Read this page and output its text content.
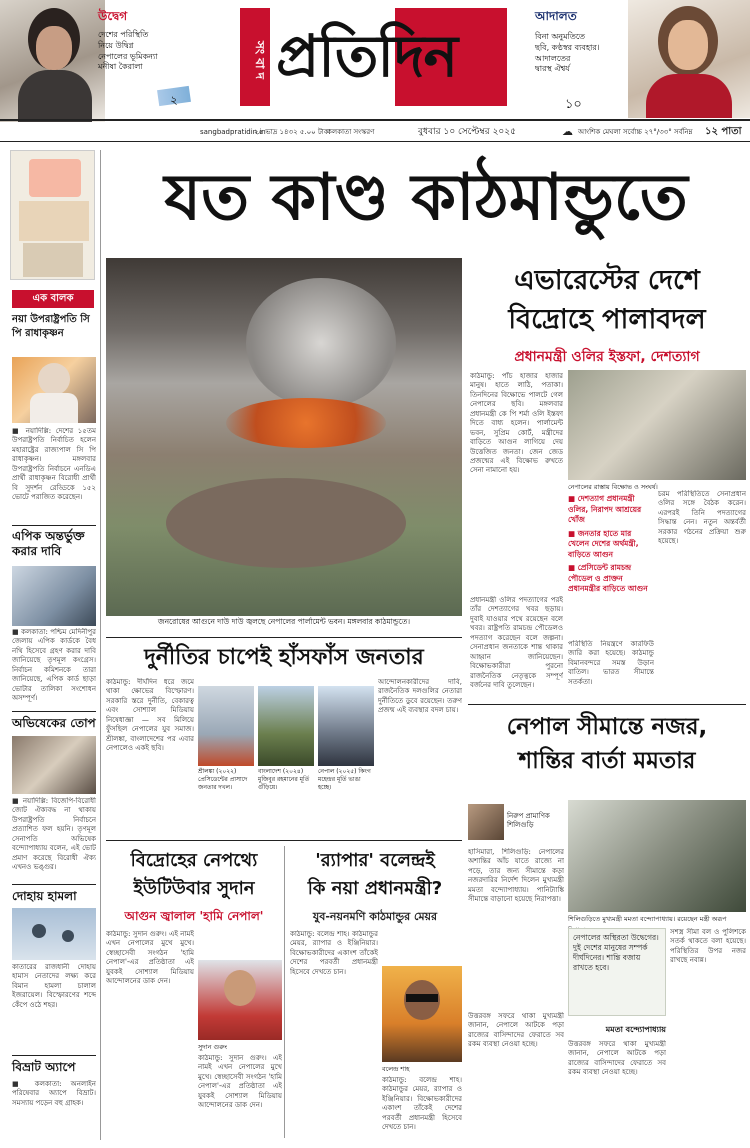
উদ্বেগ
দেশের পরিস্থিতি
নিয়ে উদ্বিগ্ন
নেপালের ভূমিকন্যা
মনীষা কৈরালা
২
সং বা দ প্রতিদিন
আদালত
বিনা অনুমতিতে
ছবি, কণ্ঠস্বর ব্যবহার।
আদালতের
দ্বারস্থ ঐশ্বর্য
১০
sangbadpratidin.in
২৫ ভাদ্র ১৪৩২ ৫.০০ টাকা
কলকাতা সংস্করণ	বুধবার ১০ সেপ্টেম্বর ২০২৫	☁ আংশিক মেঘলা সর্বোচ্চ ২৭°/৩৩° সর্বনিম্ন ১২ পাতা
এক বালক
নয়া উপরাষ্ট্রপতি সি পি রাধাকৃষ্ণন
■ নয়াদিল্লি: দেশের ১৫তম উপরাষ্ট্রপতি নির্বাচিত হলেন মহারাষ্ট্রের রাজ্যপাল সি পি রাধাকৃষ্ণন। মঙ্গলবার উপরাষ্ট্রপতি নির্বাচনে এনডিএ প্রার্থী রাধাকৃষ্ণন বিরোধী প্রার্থী বি সুদর্শন রেড্ডিকে ১৫২ ভোটে পরাজিত করেছেন।
এপিক অন্তর্ভুক্ত করার দাবি
■ কলকাতা: পশ্চিম মেদিনীপুর জেলায় এপিক কার্ডকে বৈধ নথি হিসেবে গ্রহণ করার দাবি জানিয়েছে তৃণমূল কংগ্রেস। নির্বাচন কমিশনকে তারা জানিয়েছে, এপিক কার্ড ছাড়া ভোটার তালিকা সংশোধন অসম্পূর্ণ।
অভিষেকের তোপ
■ নয়াদিল্লি: বিজেপি-বিরোধী জোট ঐক্যবদ্ধ না থাকায় উপরাষ্ট্রপতি নির্বাচনে প্রত্যাশিত ফল হয়নি। তৃণমূল সেনাপতি অভিষেক বন্দ্যোপাধ্যায় বলেন, এই ভোট প্রমাণ করেছে বিরোধী ঐক্য এখনও ভঙ্গুর।
দোহায় হামলা
কাতারের রাজধানী দোহায় হামাস নেতাদের লক্ষ্য করে বিমান হামলা চালাল ইজরায়েল। বিস্ফোরণের শব্দে কেঁপে ওঠে শহর।
বিভ্রাট অ্যাপে
■ কলকাতা: অনলাইন পরিষেবার অ্যাপে বিভ্রাট। সমস্যায় পড়েন বহু গ্রাহক।
যত কাণ্ড কাঠমান্ডুতে
জনরোষের আগুনে দাউ দাউ জ্বলছে নেপালের পার্লামেন্ট ভবন। মঙ্গলবার কাঠমান্ডুতে।
এভারেস্টের দেশে
বিদ্রোহে পালাবদল
প্রধানমন্ত্রী ওলির ইস্তফা, দেশত্যাগ
কাঠমান্ডু: পাঁচ হাজার হাজার মানুষ। হাতে লাঠি, পতাকা। তিনদিনের বিক্ষোভে পালটে গেল নেপালের ছবি। মঙ্গলবার প্রধানমন্ত্রী কে পি শর্মা ওলি ইস্তফা দিতে বাধ্য হলেন। পার্লামেন্ট ভবন, সুপ্রিম কোর্ট, মন্ত্রীদের বাড়িতে আগুন লাগিয়ে দেয় উত্তেজিত জনতা। জেন জেড প্রজন্মের এই বিক্ষোভ রুখতে সেনা নামানো হয়।
নেপালের রাস্তায় বিক্ষোভ ও সংঘর্ষ।
■ দেশত্যাগ প্রধানমন্ত্রী ওলির, নিরাপদ আশ্রয়ের খোঁজ
■ জনতার হাতে মার খেলেন দেশের অর্থমন্ত্রী, বাড়িতে আগুন
■ প্রেসিডেন্ট রামচন্দ্র পৌডেল ও প্রাক্তন প্রধানমন্ত্রীর বাড়িতে আগুন
চরম পরিস্থিতিতে সেনাপ্রধান ওলির সঙ্গে বৈঠক করেন। এরপরই তিনি পদত্যাগের সিদ্ধান্ত নেন। নতুন অন্তর্বর্তী সরকার গঠনের প্রক্রিয়া শুরু হয়েছে।
প্রধানমন্ত্রী ওলির পদত্যাগের পরই তাঁর দেশত্যাগের খবর ছড়ায়। দুবাই যাওয়ার পথে রয়েছেন বলে খবর। রাষ্ট্রপতি রামচন্দ্র পৌডেলও পদত্যাগ করেছেন বলে জল্পনা। সেনাপ্রধান জনতাকে শান্ত থাকার আহ্বান জানিয়েছেন। বিক্ষোভকারীরা পুরনো রাজনৈতিক নেতৃত্বকে সম্পূর্ণ বর্জনের দাবি তুলেছেন।
পরিস্থিতি নিয়ন্ত্রণে কারফিউ জারি করা হয়েছে। কাঠমান্ডু বিমানবন্দরে সমস্ত উড়ান বাতিল। ভারত সীমান্তে সতর্কতা।
দুর্নীতির চাপেই হাঁসফাঁস জনতার
কাঠমান্ডু: দীর্ঘদিন ধরে জমে থাকা ক্ষোভের বিস্ফোরণ। সরকারি স্তরে দুর্নীতি, বেকারত্ব এবং সোশ্যাল মিডিয়ায় নিষেধাজ্ঞা — সব মিলিয়ে ফুঁসছিল নেপালের যুব সমাজ। শ্রীলঙ্কা, বাংলাদেশের পর এবার নেপালেও একই ছবি।
শ্রীলঙ্কা (২০২২) প্রেসিডেন্টের প্রাসাদে জনতার দখল।
বাংলাদেশ (২০২৪) মুজিবুর রহমানের মূর্তি গুঁড়িয়ে।
নেপাল (২০২৫) কিংগ মহেন্দ্রর মূর্তি ভাঙা হচ্ছে।
আন্দোলনকারীদের দাবি, রাজনৈতিক দলগুলির নেতারা দুর্নীতিতে ডুবে রয়েছেন। তরুণ প্রজন্ম এই ব্যবস্থার বদল চায়।
নেপাল সীমান্তে নজর,
শান্তির বার্তা মমতার
নিরুপ প্রামাণিক শিলিগুড়ি
হাসিমারা, শিলিগুড়ি: নেপালের অশান্তির আঁচ যাতে রাজ্যে না পড়ে, তার জন্য সীমান্তে কড়া নজরদারির নির্দেশ দিলেন মুখ্যমন্ত্রী মমতা বন্দ্যোপাধ্যায়। পানিট্যাঙ্কি সীমান্তে বাড়ানো হয়েছে নিরাপত্তা।
শিলিগুড়িতে মুখ্যমন্ত্রী মমতা বন্দ্যোপাধ্যায়। রয়েছেন মন্ত্রী অরূপ
নেপালের অস্থিরতা উদ্বেগের। দুই দেশের মানুষের সম্পর্ক দীর্ঘদিনের। শান্তি বজায় রাখতে হবে।
মমতা বন্দ্যোপাধ্যায়
সশস্ত্র সীমা বল ও পুলিশকে সতর্ক থাকতে বলা হয়েছে। পরিস্থিতির উপর নজর রাখছে নবান্ন।
উত্তরবঙ্গ সফরে থাকা মুখ্যমন্ত্রী জানান, নেপালে আটকে পড়া রাজ্যের বাসিন্দাদের ফেরাতে সব রকম ব্যবস্থা নেওয়া হচ্ছে।	উত্তরবঙ্গ সফরে থাকা মুখ্যমন্ত্রী জানান, নেপালে আটকে পড়া রাজ্যের বাসিন্দাদের ফেরাতে সব রকম ব্যবস্থা নেওয়া হচ্ছে।
বিদ্রোহের নেপথ্যে
ইউটিউবার সুদান
আগুন জ্বালাল 'হামি নেপাল'
কাঠমান্ডু: সুদান গুরুং। এই নামই এখন নেপালের মুখে মুখে। স্বেচ্ছাসেবী সংগঠন 'হামি নেপাল'-এর প্রতিষ্ঠাতা এই যুবকই সোশ্যাল মিডিয়ায় আন্দোলনের ডাক দেন।
সুদান গুরুং
কাঠমান্ডু: সুদান গুরুং। এই নামই এখন নেপালের মুখে মুখে। স্বেচ্ছাসেবী সংগঠন 'হামি নেপাল'-এর প্রতিষ্ঠাতা এই যুবকই সোশ্যাল মিডিয়ায় আন্দোলনের ডাক দেন।
'র‍্যাপার' বলেন্দ্রই
কি নয়া প্রধানমন্ত্রী?
যুব-নয়নমণি কাঠমান্ডুর মেয়র
কাঠমান্ডু: বলেন্দ্র শাহ। কাঠমান্ডুর মেয়র, র‍্যাপার ও ইঞ্জিনিয়ার। বিক্ষোভকারীদের একাংশ তাঁকেই দেশের পরবর্তী প্রধানমন্ত্রী হিসেবে দেখতে চান।
বলেন্দ্র শাহ
কাঠমান্ডু: বলেন্দ্র শাহ। কাঠমান্ডুর মেয়র, র‍্যাপার ও ইঞ্জিনিয়ার। বিক্ষোভকারীদের একাংশ তাঁকেই দেশের পরবর্তী প্রধানমন্ত্রী হিসেবে দেখতে চান।
